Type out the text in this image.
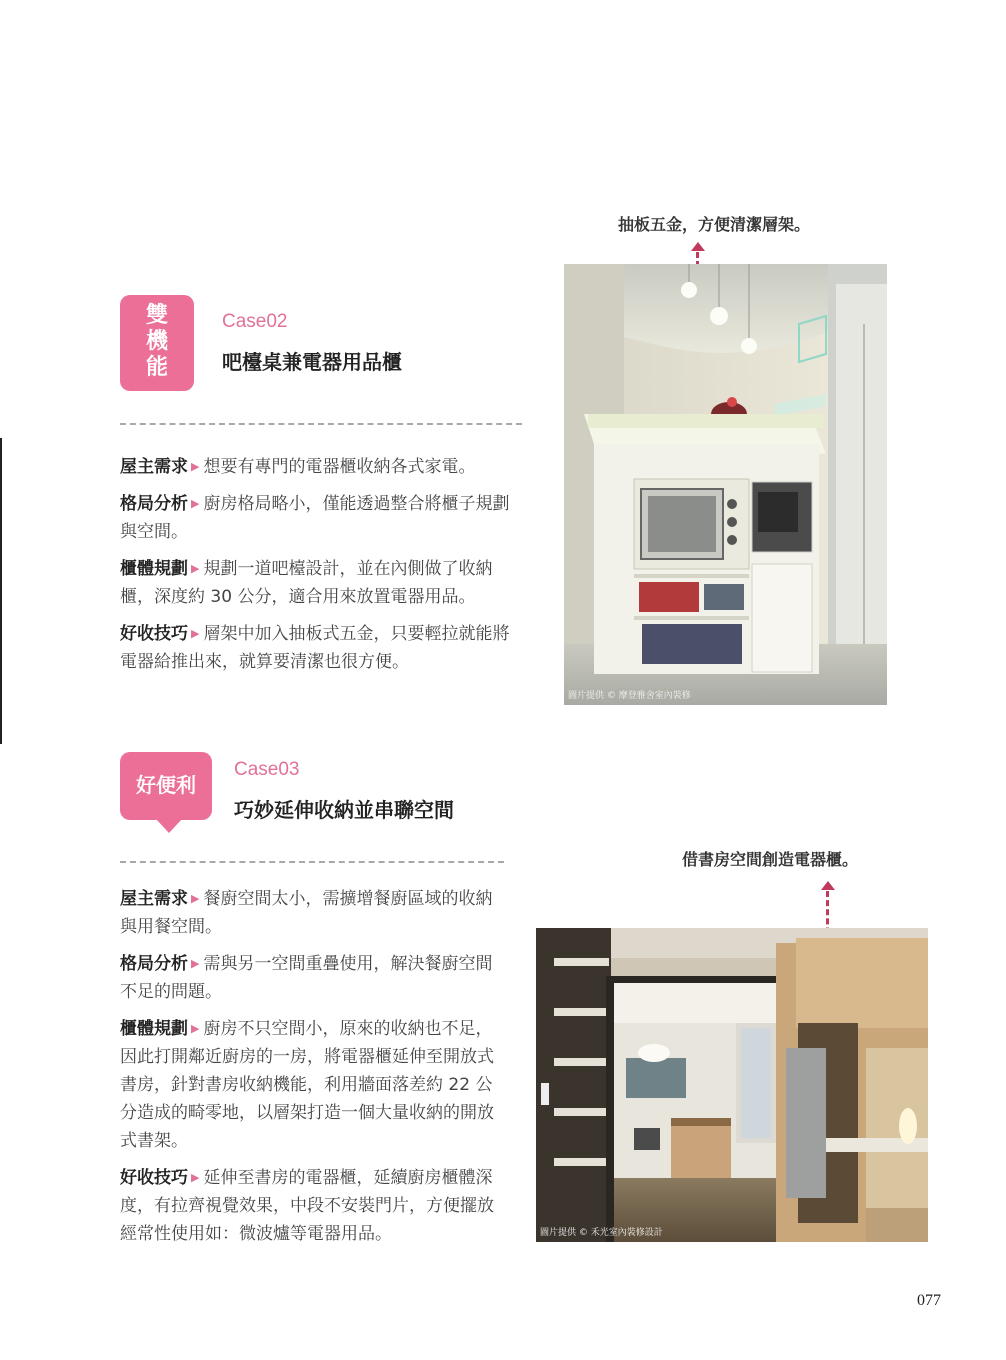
雙
機
能
Case02
吧檯桌兼電器用品櫃
屋主需求 ▶ 想要有專門的電器櫃收納各式家電。
格局分析 ▶ 廚房格局略小，僅能透過整合將櫃子規劃與空間。
櫃體規劃 ▶ 規劃一道吧檯設計，並在內側做了收納櫃，深度約 30 公分，適合用來放置電器用品。
好收技巧 ▶ 層架中加入抽板式五金，只要輕拉就能將電器給推出來，就算要清潔也很方便。
抽板五金，方便清潔層架。
圖片提供 © 摩登雅舍室內裝修
好便利
Case03
巧妙延伸收納並串聯空間
屋主需求 ▶ 餐廚空間太小，需擴增餐廚區域的收納與用餐空間。
格局分析 ▶ 需與另一空間重疊使用，解決餐廚空間不足的問題。
櫃體規劃 ▶ 廚房不只空間小，原來的收納也不足，因此打開鄰近廚房的一房，將電器櫃延伸至開放式書房，針對書房收納機能，利用牆面落差約 22 公分造成的畸零地，以層架打造一個大量收納的開放式書架。
好收技巧 ▶ 延伸至書房的電器櫃，延續廚房櫃體深度，有拉齊視覺效果，中段不安裝門片，方便擺放經常性使用如：微波爐等電器用品。
借書房空間創造電器櫃。
圖片提供 © 禾光室內裝修設計
077
